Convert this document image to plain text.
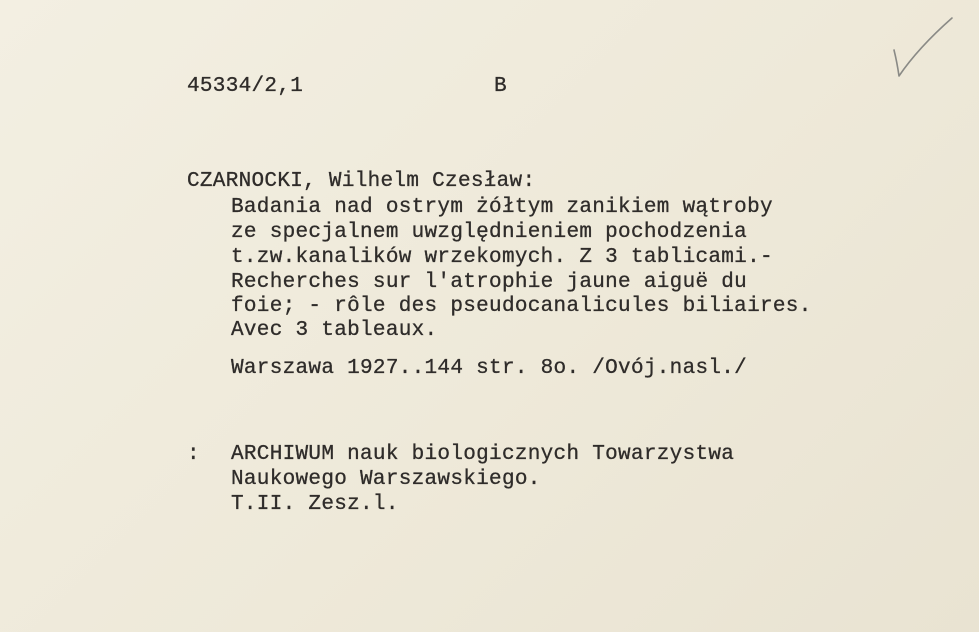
45334/2,1	B
CZARNOCKI, Wilhelm Czesław:
Badania nad ostrym żółtym zanikiem wątroby
ze specjalnem uwzględnieniem pochodzenia
t.zw.kanalików wrzekomych. Z 3 tablicami.-
Recherches sur l'atrophie jaune aiguë du
foie; - rôle des pseudocanalicules biliaires.
Avec 3 tableaux.
Warszawa 1927..144 str. 8o. /Ovój.nasl./
: ARCHIWUM nauk biologicznych Towarzystwa
Naukowego Warszawskiego.
T.II. Zesz.l.
